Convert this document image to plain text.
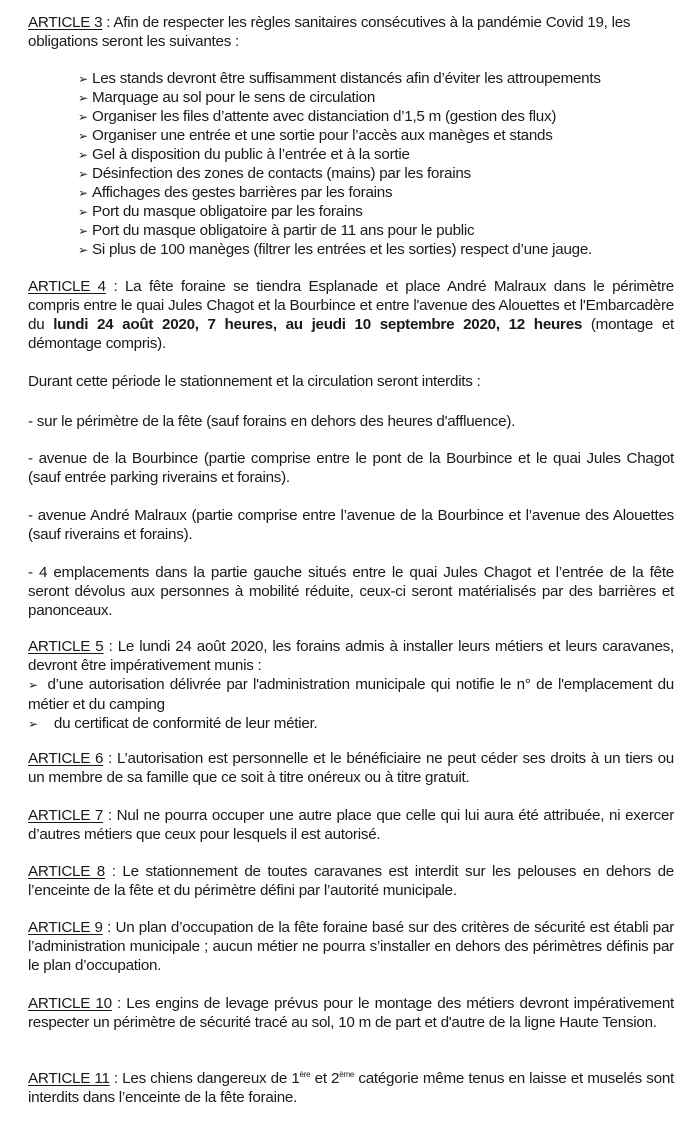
ARTICLE 3 : Afin de respecter les règles sanitaires consécutives à la pandémie Covid 19, les obligations seront les suivantes :

➢ Les stands devront être suffisamment distancés afin d’éviter les attroupements
➢ Marquage au sol pour le sens de circulation
➢ Organiser les files d’attente avec distanciation d’1,5 m (gestion des flux)
➢ Organiser une entrée et une sortie pour l’accès aux manèges et stands
➢ Gel à disposition du public à l’entrée et à la sortie
➢ Désinfection des zones de contacts (mains) par les forains
➢ Affichages des gestes barrières par les forains
➢ Port du masque obligatoire par les forains
➢ Port du masque obligatoire à partir de 11 ans pour le public
➢ Si plus de 100 manèges (filtrer les entrées et les sorties) respect d’une jauge.

ARTICLE 4 : La fête foraine se tiendra Esplanade et place André Malraux dans le périmètre compris entre le quai Jules Chagot et la Bourbince et entre l'avenue des Alouettes et l'Embarcadère du lundi 24 août 2020, 7 heures, au jeudi 10 septembre 2020, 12 heures (montage et démontage compris).

Durant cette période le stationnement et la circulation seront interdits :

- sur le périmètre de la fête (sauf forains en dehors des heures d'affluence).

- avenue de la Bourbince (partie comprise entre le pont de la Bourbince et le quai Jules Chagot (sauf entrée parking riverains et forains).

- avenue André Malraux (partie comprise entre l’avenue de la Bourbince et l’avenue des Alouettes (sauf riverains et forains).

- 4 emplacements dans la partie gauche situés entre le quai Jules Chagot et l’entrée de la fête seront dévolus aux personnes à mobilité réduite, ceux-ci seront matérialisés par des barrières et panonceaux.

ARTICLE 5 : Le lundi 24 août 2020, les forains admis à installer leurs métiers et leurs caravanes, devront être impérativement munis :
➢ d’une autorisation délivrée par l'administration municipale qui notifie le n° de l'emplacement du métier et du camping
➢ du certificat de conformité de leur métier.

ARTICLE 6 : L’autorisation est personnelle et le bénéficiaire ne peut céder ses droits à un tiers ou un membre de sa famille que ce soit à titre onéreux ou à titre gratuit.

ARTICLE 7 : Nul ne pourra occuper une autre place que celle qui lui aura été attribuée, ni exercer d’autres métiers que ceux pour lesquels il est autorisé.

ARTICLE 8 : Le stationnement de toutes caravanes est interdit sur les pelouses en dehors de l’enceinte de la fête et du périmètre défini par l’autorité municipale.

ARTICLE 9 : Un plan d’occupation de la fête foraine basé sur des critères de sécurité est établi par l’administration municipale ; aucun métier ne pourra s’installer en dehors des périmètres définis par le plan d’occupation.

ARTICLE 10 : Les engins de levage prévus pour le montage des métiers devront impérativement respecter un périmètre de sécurité tracé au sol, 10 m de part et d'autre de la ligne Haute Tension.

ARTICLE 11 : Les chiens dangereux de 1ère et 2ème catégorie même tenus en laisse et muselés sont interdits dans l’enceinte de la fête foraine.
